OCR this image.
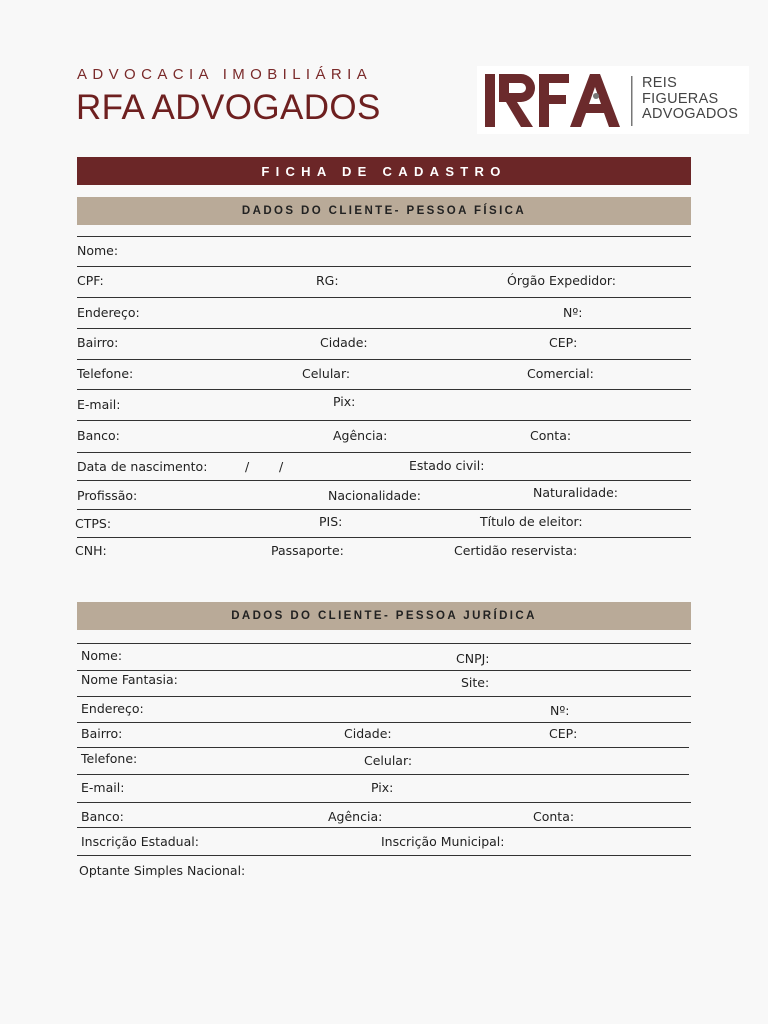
ADVOCACIA IMOBILIÁRIA
RFA ADVOGADOS
REIS
FIGUERAS
ADVOGADOS
FICHA DE CADASTRO
DADOS DO CLIENTE- PESSOA FÍSICA
Nome:
CPF:	RG:	Órgão Expedidor:
Endereço:	Nº:
Bairro:	Cidade:	CEP:
Telefone:	Celular:	Comercial:
E-mail:	Pix:
Banco:	Agência:	Conta:
Data de nascimento:	/ /	Estado civil:
Profissão:	Nacionalidade:	Naturalidade:
CTPS:	PIS:	Título de eleitor:
CNH:	Passaporte:	Certidão reservista:
DADOS DO CLIENTE- PESSOA JURÍDICA
Nome:	CNPJ:
Nome Fantasia:	Site:
Endereço:	Nº:
Bairro:	Cidade:	CEP:
Telefone:	Celular:
E-mail:	Pix:
Banco:	Agência:	Conta:
Inscrição Estadual:	Inscrição Municipal:
Optante Simples Nacional:
